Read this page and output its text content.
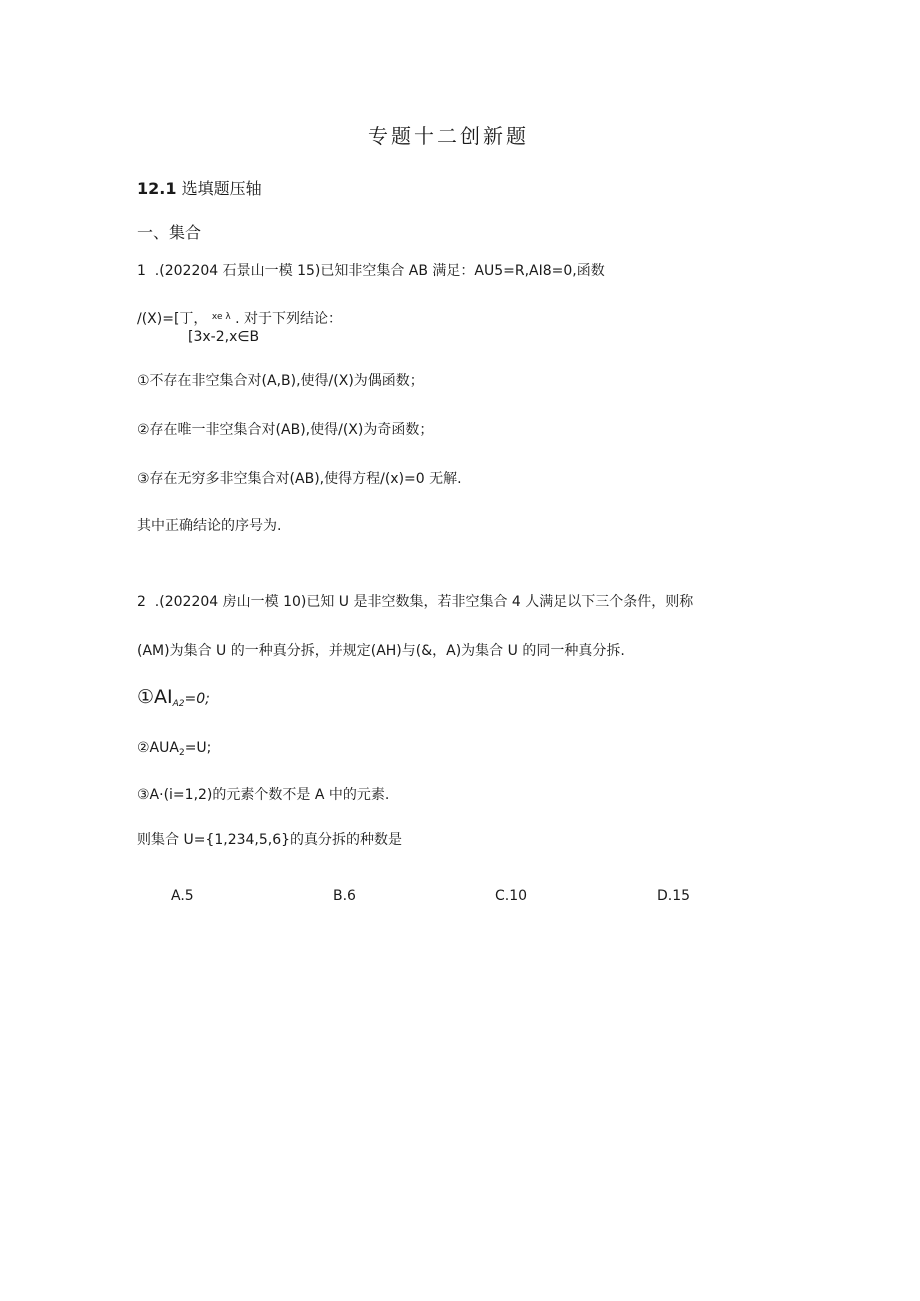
专题十二创新题
12.1 选填题压轴
一、集合
1  .(202204 石景山一模 15)已知非空集合 AB 满足：AU5=R,AI8=0,函数
/(X)=[丁， $^{xe \lambda}$ . 对于下列结论：
[3x-2,x∈B
①不存在非空集合对(A,B),使得/(X)为偶函数；
②存在唯一非空集合对(AB),使得/(X)为奇函数；
③存在无穷多非空集合对(AB),使得方程/(x)=0 无解.
其中正确结论的序号为.
2  .(202204 房山一模 10)已知 U 是非空数集，若非空集合 4 人满足以下三个条件，则称
(AM)为集合 U 的一种真分拆，并规定(AH)与(&，A)为集合 U 的同一种真分拆.
$①AI_{A2}=0$;
$②AUA_2=U$;
③A·(i=1,2)的元素个数不是 A 中的元素.
则集合 U={1,234,5,6}的真分拆的种数是
A.5	B.6	C.10	D.15
